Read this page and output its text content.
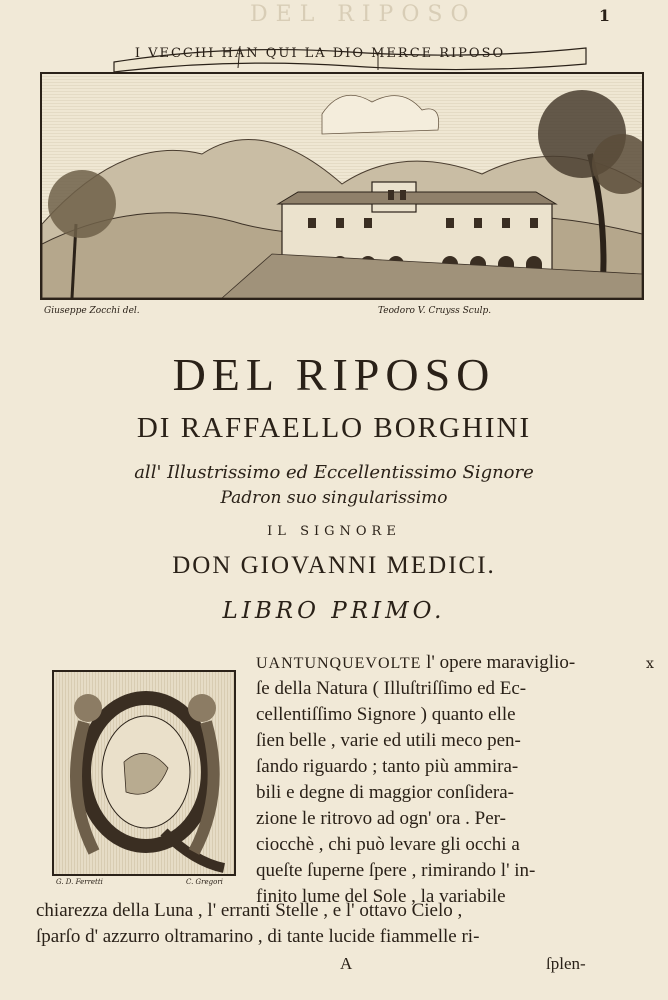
DEL RIPOSO	1
I VECCHI HAN QUI LA DIO MERCE RIPOSO
Giuseppe Zocchi del.	Teodoro V. Cruyss Sculp.
DEL RIPOSO
DI RAFFAELLO BORGHINI
all' Illustrissimo ed Eccellentissimo Signore
Padron suo singularissimo
IL SIGNORE
DON GIOVANNI MEDICI.
LIBRO PRIMO.
G. D. Ferretti	C. Gregori
UANTUNQUEVOLTE l' opere maraviglio-
ſe della Natura ( Illuſtriſſimo ed Ec-
cellentiſſimo Signore ) quanto elle
ſien belle , varie ed utili meco pen-
ſando riguardo ; tanto più ammira-
bili e degne di maggior conſidera-
zione le ritrovo ad ogn' ora . Per-
ciocchè , chi può levare gli occhi a
queſte ſuperne ſpere , rimirando l' in-
finito lume del Sole , la variabile
chiarezza della Luna , l' erranti Stelle , e l' ottavo Cielo ,
ſparſo d' azzurro oltramarino , di tante lucide fiammelle ri-
x
A	ſplen-
